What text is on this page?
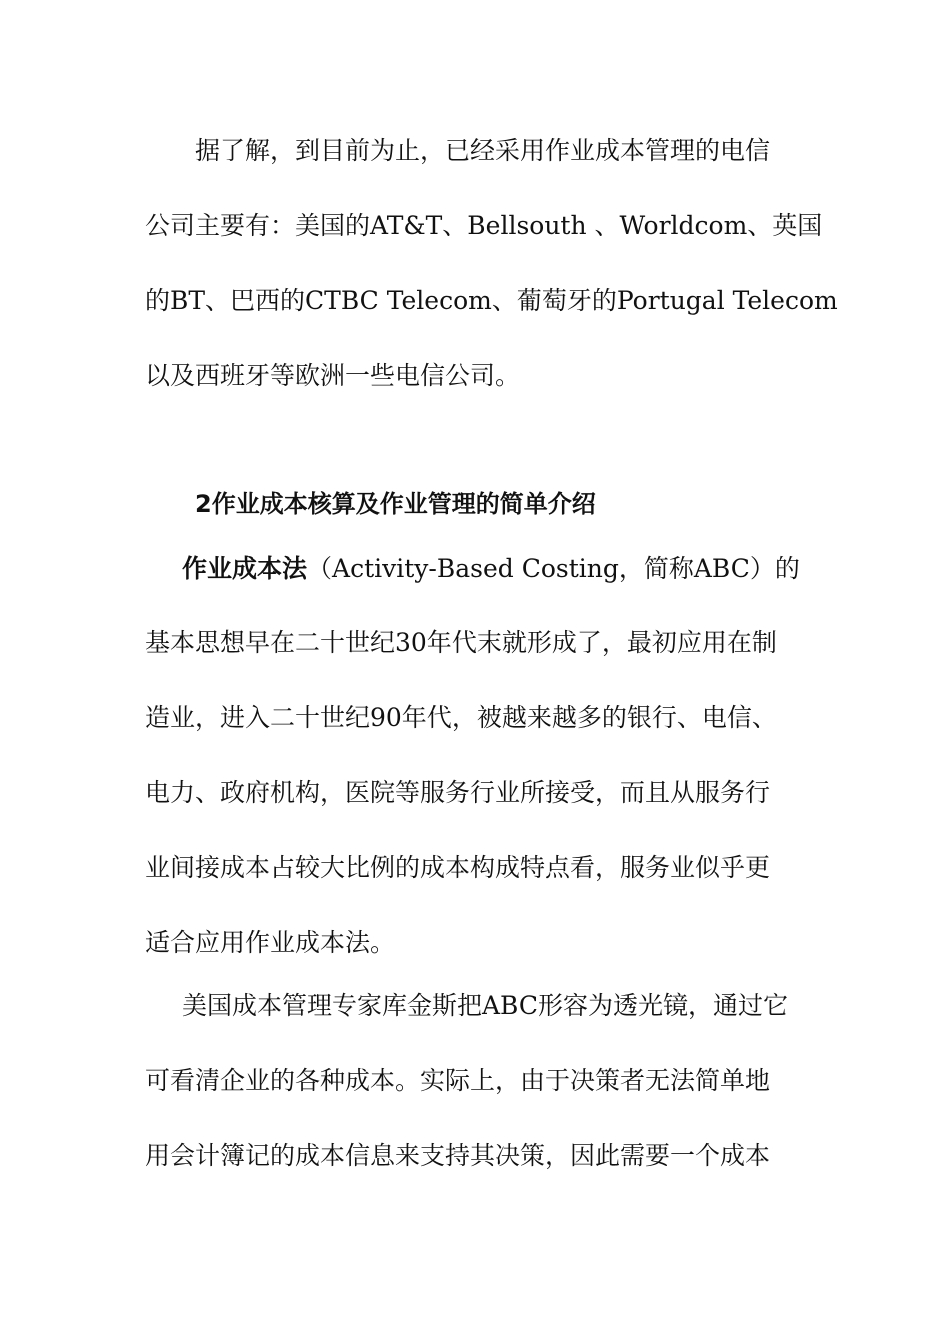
据了解，到目前为止，已经采用作业成本管理的电信
公司主要有：美国的AT&T、Bellsouth 、Worldcom、英国
的BT、巴西的CTBC Telecom、葡萄牙的Portugal Telecom
以及西班牙等欧洲一些电信公司。
2作业成本核算及作业管理的简单介绍
作业成本法（Activity-Based Costing，简称ABC）的
基本思想早在二十世纪30年代末就形成了，最初应用在制
造业，进入二十世纪90年代，被越来越多的银行、电信、
电力、政府机构，医院等服务行业所接受，而且从服务行
业间接成本占较大比例的成本构成特点看，服务业似乎更
适合应用作业成本法。
美国成本管理专家库金斯把ABC形容为透光镜，通过它
可看清企业的各种成本。实际上，由于决策者无法简单地
用会计簿记的成本信息来支持其决策，因此需要一个成本
